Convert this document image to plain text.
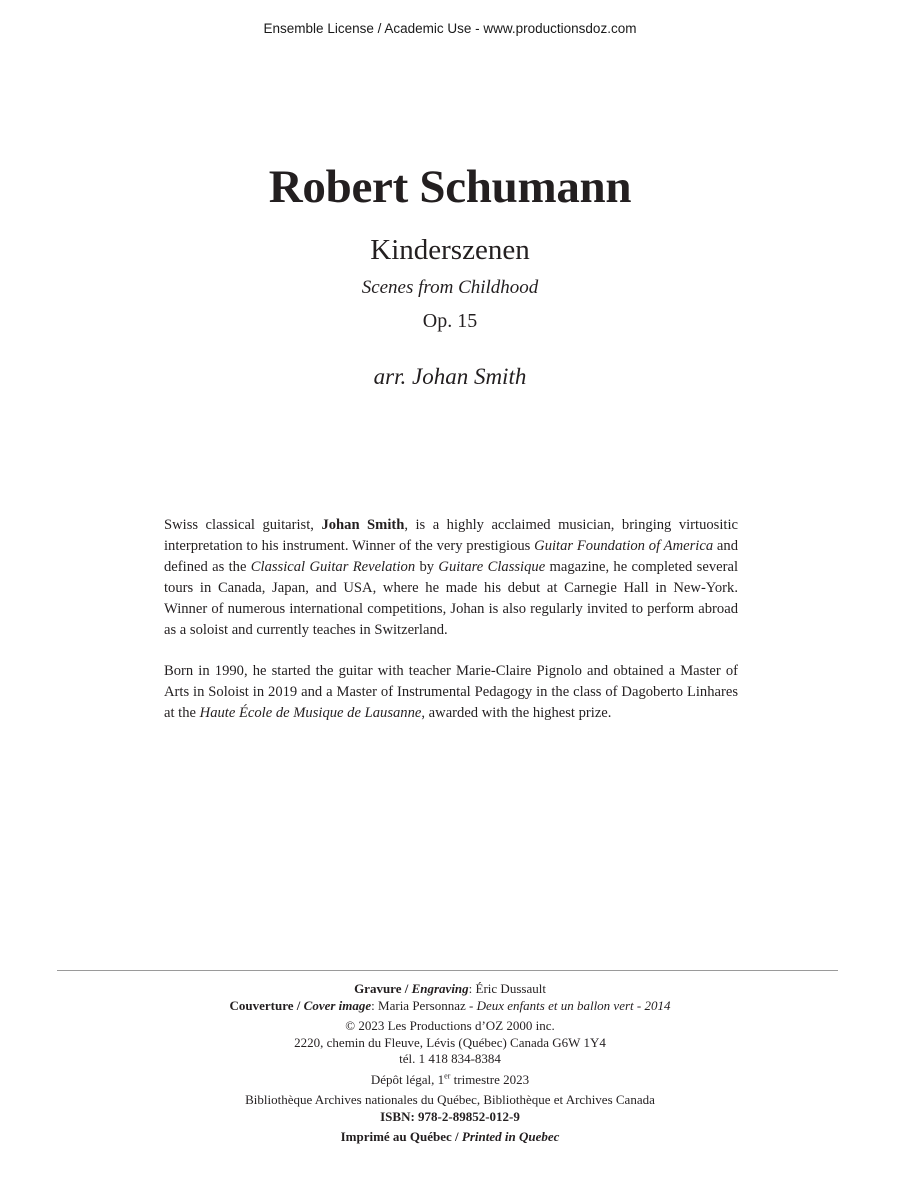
Ensemble License / Academic Use - www.productionsdoz.com
Robert Schumann
Kinderszenen
Scenes from Childhood
Op. 15
arr. Johan Smith

Swiss classical guitarist, Johan Smith, is a highly acclaimed musician, bringing virtuositic interpretation to his instrument. Winner of the very prestigious Guitar Foundation of America and defined as the Classical Guitar Revelation by Guitare Classique magazine, he completed several tours in Canada, Japan, and USA, where he made his debut at Carnegie Hall in New-York. Winner of numerous international competitions, Johan is also regularly invited to perform abroad as a soloist and currently teaches in Switzerland.

Born in 1990, he started the guitar with teacher Marie-Claire Pignolo and obtained a Master of Arts in Soloist in 2019 and a Master of Instrumental Pedagogy in the class of Dagoberto Linhares at the Haute École de Musique de Lausanne, awarded with the highest prize.

Gravure / Engraving: Éric Dussault
Couverture / Cover image: Maria Personnaz - Deux enfants et un ballon vert - 2014
© 2023 Les Productions d’OZ 2000 inc.
2220, chemin du Fleuve, Lévis (Québec) Canada G6W 1Y4
tél. 1 418 834-8384
Dépôt légal, 1er trimestre 2023
Bibliothèque Archives nationales du Québec, Bibliothèque et Archives Canada
ISBN: 978-2-89852-012-9
Imprimé au Québec / Printed in Quebec
